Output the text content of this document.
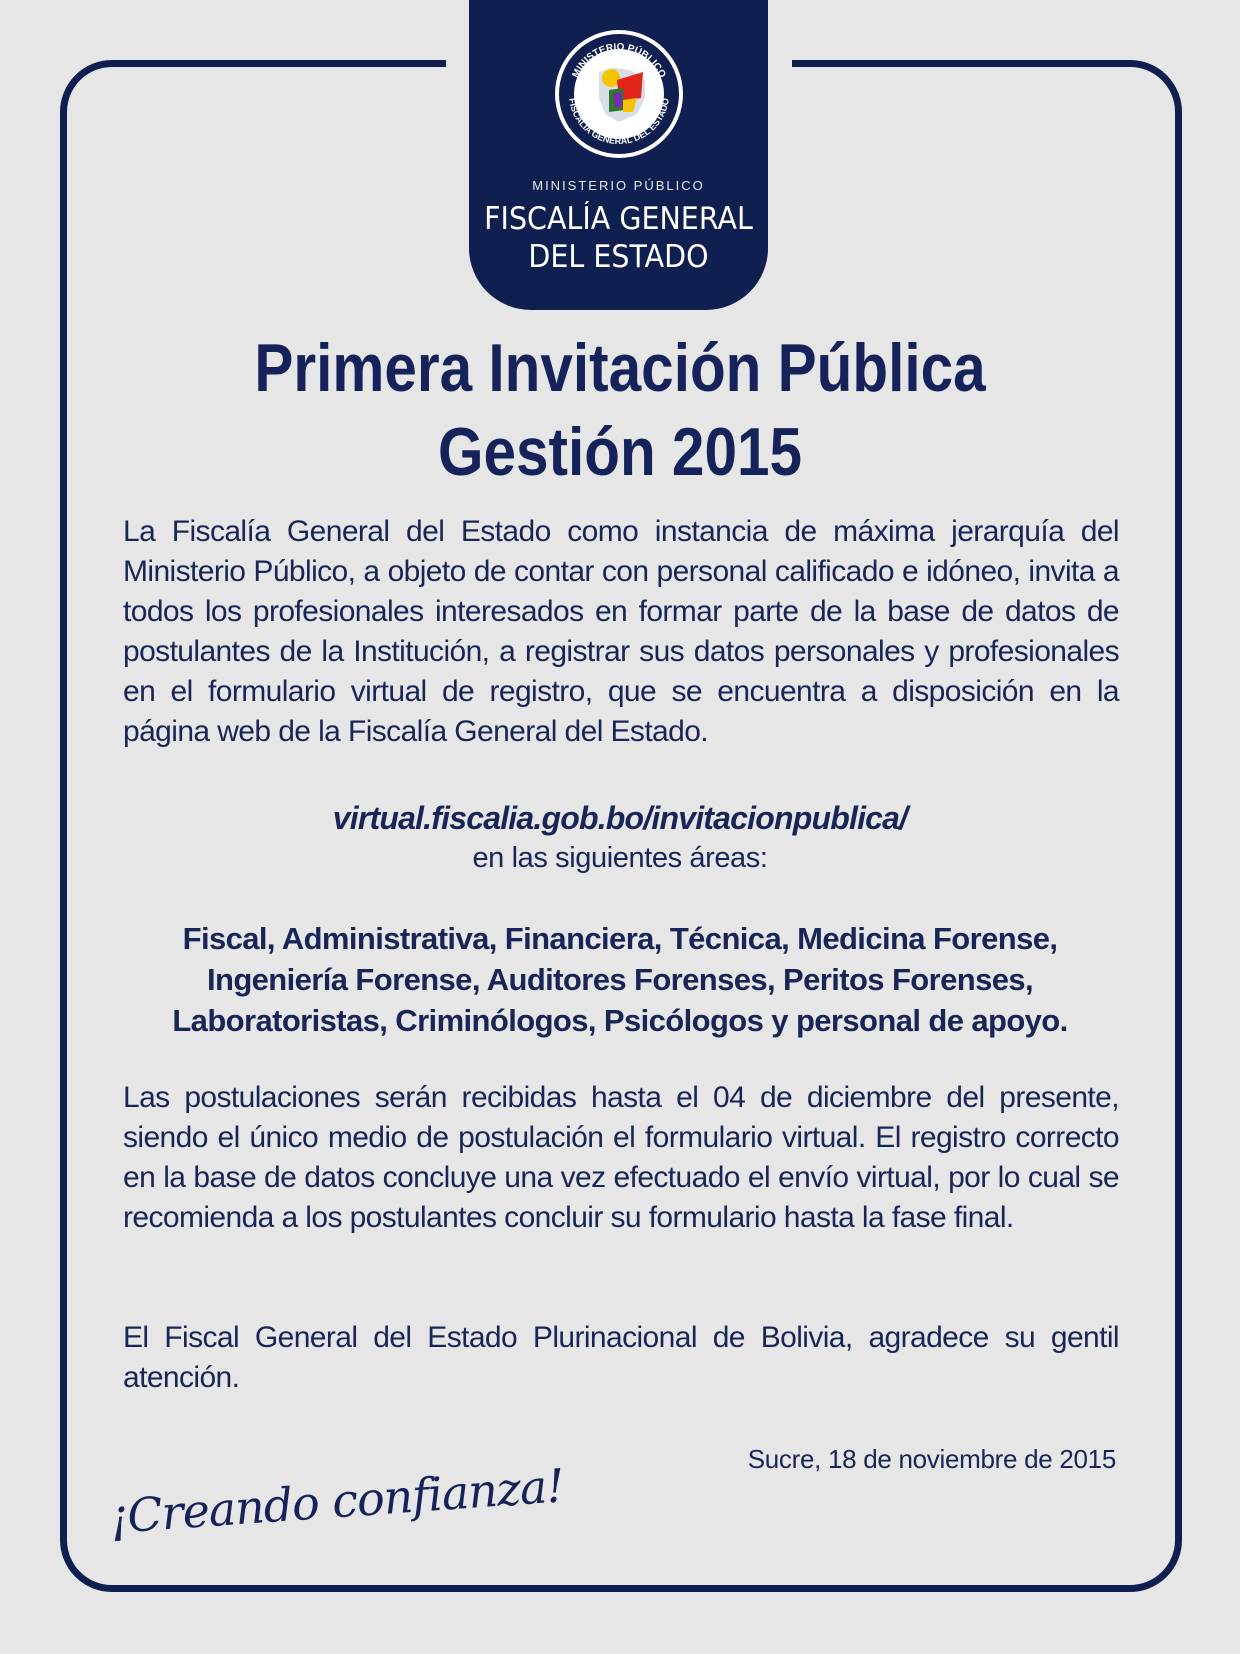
MINISTERIO PÚBLICO
FISCALÍA GENERAL DEL ESTADO
MINISTERIO PÚBLICO
FISCALÍA GENERAL
DEL ESTADO
Primera Invitación Pública
Gestión 2015
La Fiscalía General del Estado como instancia de máxima jerarquía del Ministerio Público, a objeto de contar con personal calificado e idóneo, invita a todos los profesionales interesados en formar parte de la base de datos de postulantes de la Institución, a registrar sus datos personales y profesionales en el formulario virtual de registro, que se encuentra a disposición en la página web de la Fiscalía General del Estado.
virtual.fiscalia.gob.bo/invitacionpublica/
en las siguientes áreas:
Fiscal, Administrativa, Financiera, Técnica, Medicina Forense,
Ingeniería Forense, Auditores Forenses, Peritos Forenses,
Laboratoristas, Criminólogos, Psicólogos y personal de apoyo.
Las postulaciones serán recibidas hasta el 04 de diciembre del presente, siendo el único medio de postulación el formulario virtual. El registro correcto en la base de datos concluye una vez efectuado el envío virtual, por lo cual se recomienda a los postulantes concluir su formulario hasta la fase final.
El Fiscal General del Estado Plurinacional de Bolivia, agradece su gentil atención.
Sucre, 18 de noviembre de 2015
¡Creando confianza!
